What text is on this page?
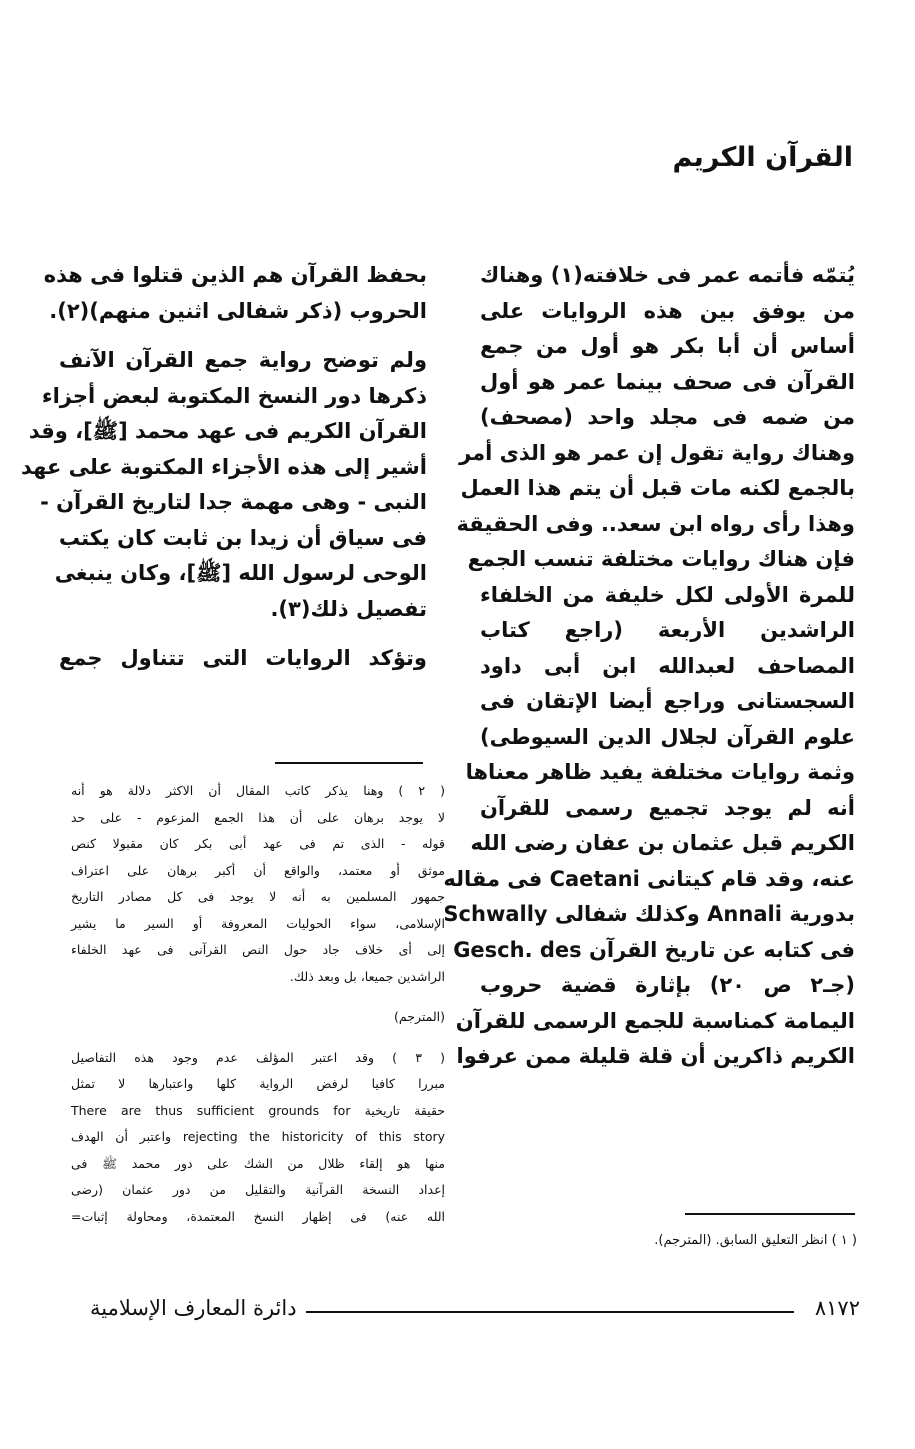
القرآن الكريم
يُتمّه فأتمه عمر فى خلافته(١) وهناك
من يوفق بين هذه الروايات على
أساس أن أبا بكر هو أول من جمع
القرآن فى صحف بينما عمر هو أول
من ضمه فى مجلد واحد (مصحف)
وهناك رواية تقول إن عمر هو الذى أمر
بالجمع لكنه مات قبل أن يتم هذا العمل
وهذا رأى رواه ابن سعد.. وفى الحقيقة
فإن هناك روايات مختلفة تنسب الجمع
للمرة الأولى لكل خليفة من الخلفاء
الراشدين الأربعة (راجع كتاب
المصاحف لعبدالله ابن أبى داود
السجستانى وراجع أيضا الإتقان فى
علوم القرآن لجلال الدين السيوطى)
وثمة روايات مختلفة يفيد ظاهر معناها
أنه لم يوجد تجميع رسمى للقرآن
الكريم قبل عثمان بن عفان رضى الله
عنه، وقد قام كيتانى Caetani فى مقاله
بدورية Annali وكذلك شفالى Schwally
فى كتابه عن تاريخ القرآن Gesch. des
(جـ٢ ص ٢٠) بإثارة قضية حروب
اليمامة كمناسبة للجمع الرسمى للقرآن
الكريم ذاكرين أن قلة قليلة ممن عرفوا
بحفظ القرآن هم الذين قتلوا فى هذه
الحروب (ذكر شفالى اثنين منهم)(٢).
ولم توضح رواية جمع القرآن الآنف
ذكرها دور النسخ المكتوبة لبعض أجزاء
القرآن الكريم فى عهد محمد [ﷺ]، وقد
أشير إلى هذه الأجزاء المكتوبة على عهد
النبى - وهى مهمة جدا لتاريخ القرآن -
فى سياق أن زيدا بن ثابت كان يكتب
الوحى لرسول الله [ﷺ]، وكان ينبغى
تفصيل ذلك(٣).
وتؤكد الروايات التى تتناول جمع
( ٢ ) وهنا يذكر كاتب المقال أن الاكثر دلالة هو أنه
لا يوجد برهان على أن هذا الجمع المزعوم - على حد
قوله - الذى تم فى عهد أبى بكر كان مقبولا كنص
موثق أو معتمد، والواقع أن أكبر برهان على اعتراف
جمهور المسلمين به أنه لا يوجد فى كل مصادر التاريخ
الإسلامى، سواء الحوليات المعروفة أو السير ما يشير
إلى أى خلاف جاد حول النص القرآنى فى عهد الخلفاء
الراشدين جميعا، بل وبعد ذلك.
(المترجم)
( ٣ ) وقد اعتبر المؤلف عدم وجود هذه التفاصيل
مبررا كافيا لرفض الرواية كلها واعتبارها لا تمثل
حقيقة تاريخية There are thus sufficient grounds for
rejecting the historicity of this story واعتبر أن الهدف
منها هو إلقاء ظلال من الشك على دور محمد ﷺ فى
إعداد النسخة القرآنية والتقليل من دور عثمان (رضى
الله عنه) فى إظهار النسخ المعتمدة، ومحاولة إثبات=
( ١ ) انظر التعليق السابق. (المترجم).
دائرة المعارف الإسلامية	٨١٧٢
